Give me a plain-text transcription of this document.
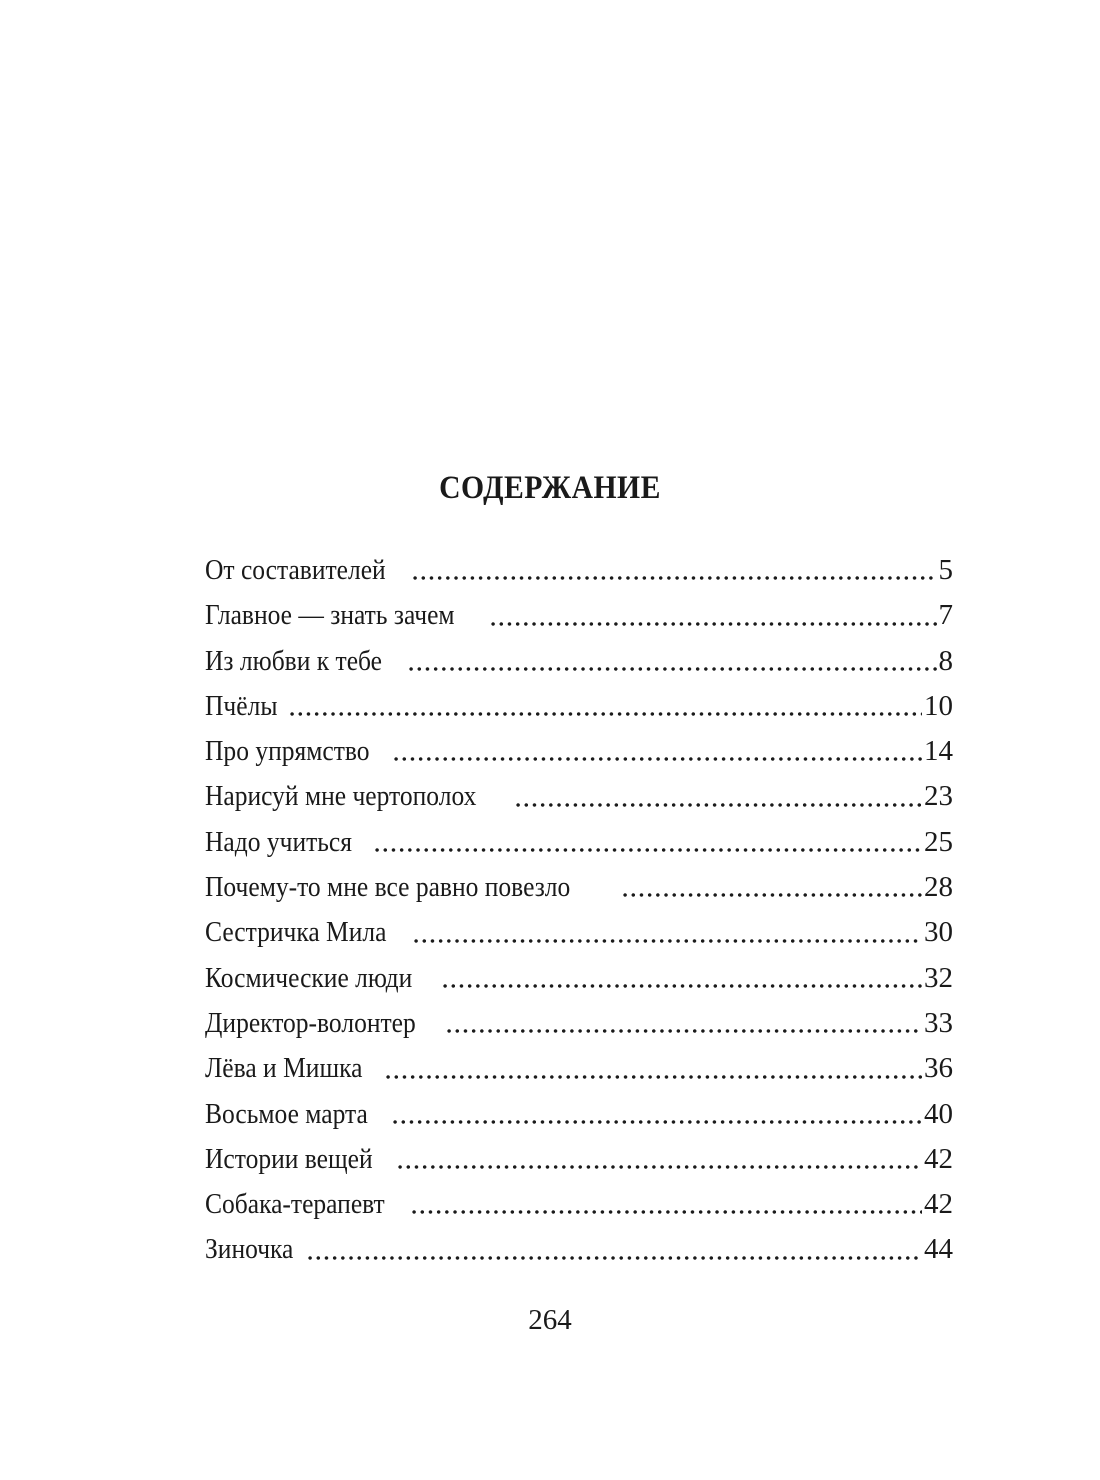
СОДЕРЖАНИЕ
От составителей	5
Главное — знать зачем	7
Из любви к тебе	8
Пчёлы	10
Про упрямство	14
Нарисуй мне чертополох	23
Надо учиться	25
Почему-то мне все равно повезло	28
Сестричка Мила	30
Космические люди	32
Директор-волонтер	33
Лёва и Мишка	36
Восьмое марта	40
Истории вещей	42
Собака-терапевт	42
Зиночка	44
264
